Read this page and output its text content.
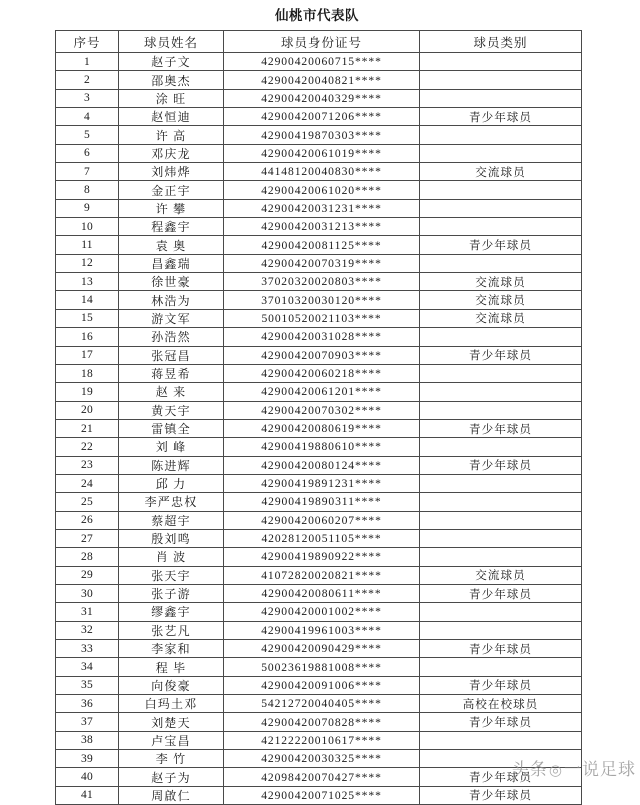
仙桃市代表队
序号	球员姓名	球员身份证号	球员类别
1	赵子文	42900420060715****	
2	邵奥杰	42900420040821****	
3	涂 旺	42900420040329****	
4	赵恒迪	42900420071206****	青少年球员
5	许 高	42900419870303****	
6	邓庆龙	42900420061019****	
7	刘炜烨	44148120040830****	交流球员
8	金正宇	42900420061020****	
9	许 攀	42900420031231****	
10	程鑫宇	42900420031213****	
11	袁 奥	42900420081125****	青少年球员
12	昌鑫瑞	42900420070319****	
13	徐世豪	37020320020803****	交流球员
14	林浩为	37010320030120****	交流球员
15	游文军	50010520021103****	交流球员
16	孙浩然	42900420031028****	
17	张冠昌	42900420070903****	青少年球员
18	蒋昱希	42900420060218****	
19	赵 来	42900420061201****	
20	黄天宇	42900420070302****	
21	雷镇全	42900420080619****	青少年球员
22	刘 峰	42900419880610****	
23	陈进辉	42900420080124****	青少年球员
24	邱 力	42900419891231****	
25	李严忠权	42900419890311****	
26	蔡超宇	42900420060207****	
27	殷刘鸣	42028120051105****	
28	肖 波	42900419890922****	
29	张天宇	41072820020821****	交流球员
30	张子游	42900420080611****	青少年球员
31	缪鑫宇	42900420001002****	
32	张艺凡	42900419961003****	
33	李家和	42900420090429****	青少年球员
34	程 毕	50023619881008****	
35	向俊豪	42900420091006****	青少年球员
36	白玛土邓	54212720040405****	高校在校球员
37	刘楚天	42900420070828****	青少年球员
38	卢宝昌	42122220010617****	
39	李 竹	42900420030325****	
40	赵子为	42098420070427****	青少年球员
41	周啟仁	42900420071025****	青少年球员
头条◎一说足球
